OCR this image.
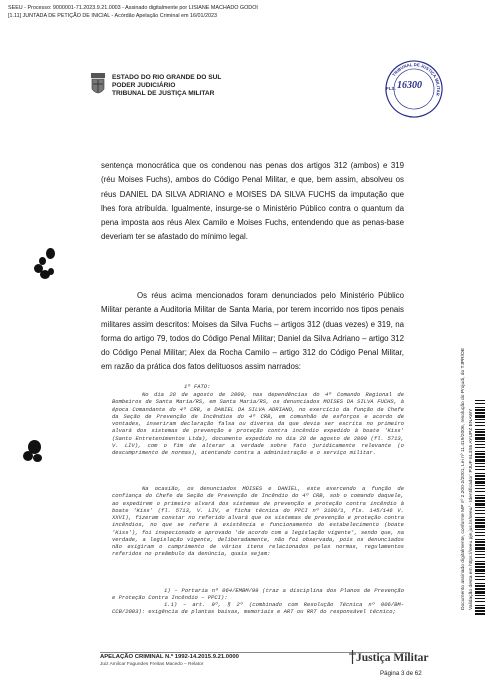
SEEU - Processo: 9000001-71.2023.9.21.0003 - Assinado digitalmente por LISIANE MACHADO GODOI
[1.11] JUNTADA DE PETIÇÃO DE INICIAL - Acórdão Apelação Criminal em 16/01/2023
ESTADO DO RIO GRANDE DO SUL
PODER JUDICIÁRIO
TRIBUNAL DE JUSTIÇA MILITAR
TRIBUNAL DE JUSTIÇA MILITAR
FLS. 16300
sentença monocrática que os condenou nas penas dos artigos 312 (ambos) e 319 (réu Moises Fuchs), ambos do Código Penal Militar, e que, bem assim, absolveu os réus DANIEL DA SILVA ADRIANO e MOISES DA SILVA FUCHS da imputação que lhes fora atribuída. Igualmente, insurge-se o Ministério Público contra o quantum da pena imposta aos réus Alex Camilo e Moises Fuchs, entendendo que as penas-base deveriam ter se afastado do mínimo legal.
Os réus acima mencionados foram denunciados pelo Ministério Público Militar perante a Auditoria Militar de Santa Maria, por terem incorrido nos tipos penais militares assim descritos: Moises da Silva Fuchs – artigos 312 (duas vezes) e 319, na forma do artigo 79, todos do Código Penal Militar; Daniel da Silva Adriano – artigo 312 do Código Penal Militar; Alex da Rocha Camilo – artigo 312 do Código Penal Militar, em razão da prática dos fatos delituosos assim narrados:
1º FATO:
No dia 28 de agosto de 2009, nas dependências do 4º Comando Regional de Bombeiros de Santa Maria/RS, em Santa Maria/RS, os denunciados MOISES DA SILVA FUCHS, à época Comandante do 4º CRB, e DANIEL DA SILVA ADRIANO, no exercício da função de Chefe da Seção de Prevenção de Incêndios do 4º CRB, em comunhão de esforços e acordo de vontades, inseriram declaração falsa ou diversa da que devia ser escrita no primeiro alvará dos sistemas de prevenção e proteção contra incêndio expedido à boate 'Kiss' (Santo Entretenimentos Ltda), documento expedido no dia 28 de agosto de 2009 (fl. 5713, V. LIV), com o fim de alterar a verdade sobre fato juridicamente relevante (o descumprimento de normas), atentando contra a administração e o serviço militar.
Na ocasião, os denunciados MOISES e DANIEL, este exercendo a função de confiança do Chefe da Seção de Prevenção de Incêndio do 4º CRB, sob o comando daquele, ao expedirem o primeiro alvará dos sistemas de prevenção e proteção contra incêndio à boate 'Kiss' (fl. 5713, V. LIV, e ficha técnica do PPCI nº 3108/1, fls. 145/146 V. XXVI), fizeram constar no referido alvará que os sistemas de prevenção e proteção contra incêndios, no que se refere à existência e funcionamento do estabelecimento (boate 'Kiss'), foi inspecionado e aprovado 'de acordo com a legislação vigente', sendo que, na verdade, a legislação vigente, deliberadamente, não foi observada, pois os denunciados não exigiram o cumprimento de vários itens relacionados pelas normas, regulamentos referidos no preâmbulo da denúncia, quais sejam:
1) – Portaria nº 064/EMBM/99 (traz a disciplina dos Planos de Prevenção e Proteção Contra Incêndio – PPCI):
1.1) – art. 9º, § 2º (combinado com Resolução Técnica nº 006/BM-CCB/2003): exigência de plantas baixas, memoriais e ART ou RRT do responsável técnico;
APELAÇÃO CRIMINAL N.º 1992-14.2015.9.21.0000
Juiz Amilcar Fagundes Freitas Macedo – Relator
Justiça Militar
Página 3 de 62
Documento assinado digitalmente, conforme MP nº 2.200-2/2001, Lei nº 11.419/2006, resolução do Projudi, do TJPR/OE Validação desta em https://seeu.pje.jus.br/seeu/ - Identificador: PJUF 6L3S6 AYUPZ ENAWY
